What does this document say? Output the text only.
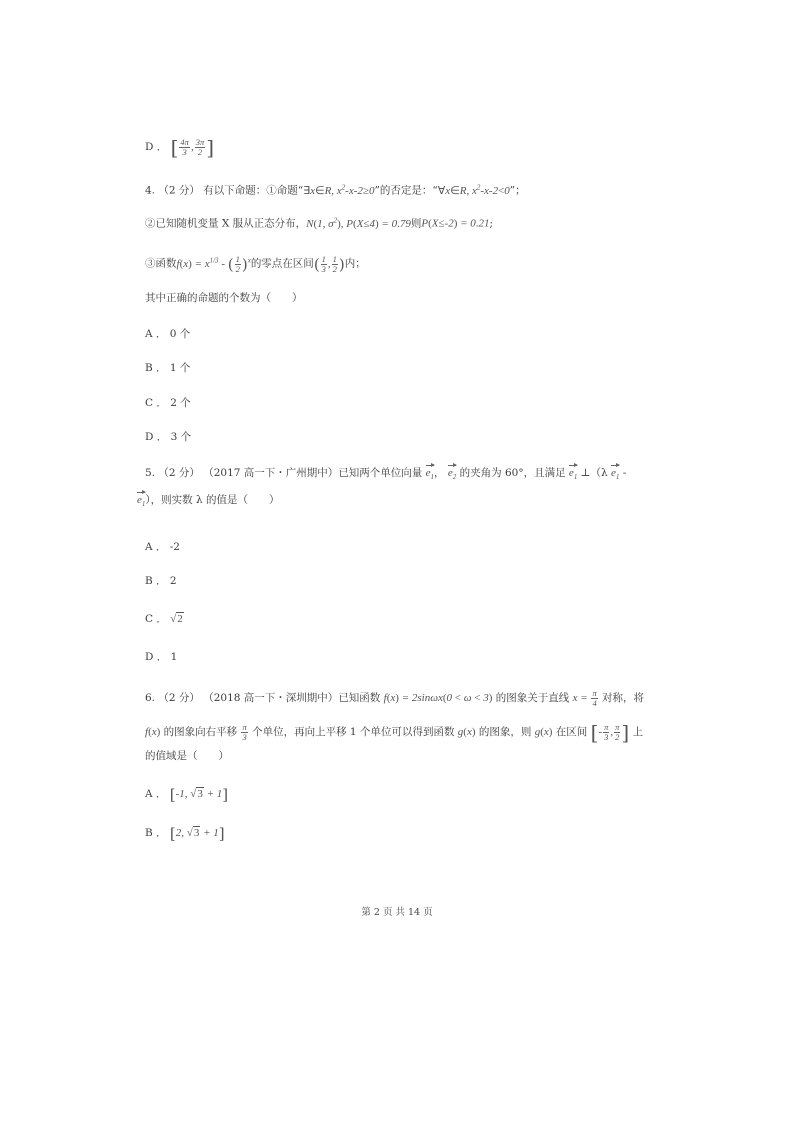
D ． [ $\frac{4\pi}{3}$ , $\frac{3\pi}{2}$ ]
4. （2 分） 有以下命题：①命题“∃x∈R, $x^2-x-2\ge 0$”的否定是：“∀x∈R, $x^2-x-2<0$”；
②已知随机变量 X 服从正态分布，N(1, $\sigma^2$), P(X≤4) = 0.79则P(X≤-2) = 0.21;
③函数$f(x) = x^{1/3}$ - ( $\frac{1}{2} )^x$的零点在区间( $\frac{1}{3}$ , $\frac{1}{2}$ )内；
其中正确的命题的个数为（　　）
A ． 0 个
B ． 1 个
C ． 2 个
D ． 3 个
5. （2 分） （2017 高一下・广州期中）已知两个单位向量 $e_1$， $e_2$ 的夹角为 60°，且满足 $e_1$ ⊥（λ $e_1$ -
$e_1$），则实数 λ 的值是（　　）
A ． -2
B ． 2
C ． √2
D ． 1
6. （2 分） （2018 高一下・深圳期中）已知函数 f(x) = 2sinωx(0 < ω < 3) 的图象关于直线 $x = \frac{\pi}{4}$ 对称，将
f(x) 的图象向右平移 $\frac{\pi}{3}$ 个单位，再向上平移 1 个单位可以得到函数 g(x) 的图象，则 g(x) 在区间 [- $\frac{\pi}{3}$ , $\frac{\pi}{2}$ ] 上
的值域是（　　）
A ． [-1, √3 + 1]
B ． [2, √3 + 1]
第 2 页 共 14 页
